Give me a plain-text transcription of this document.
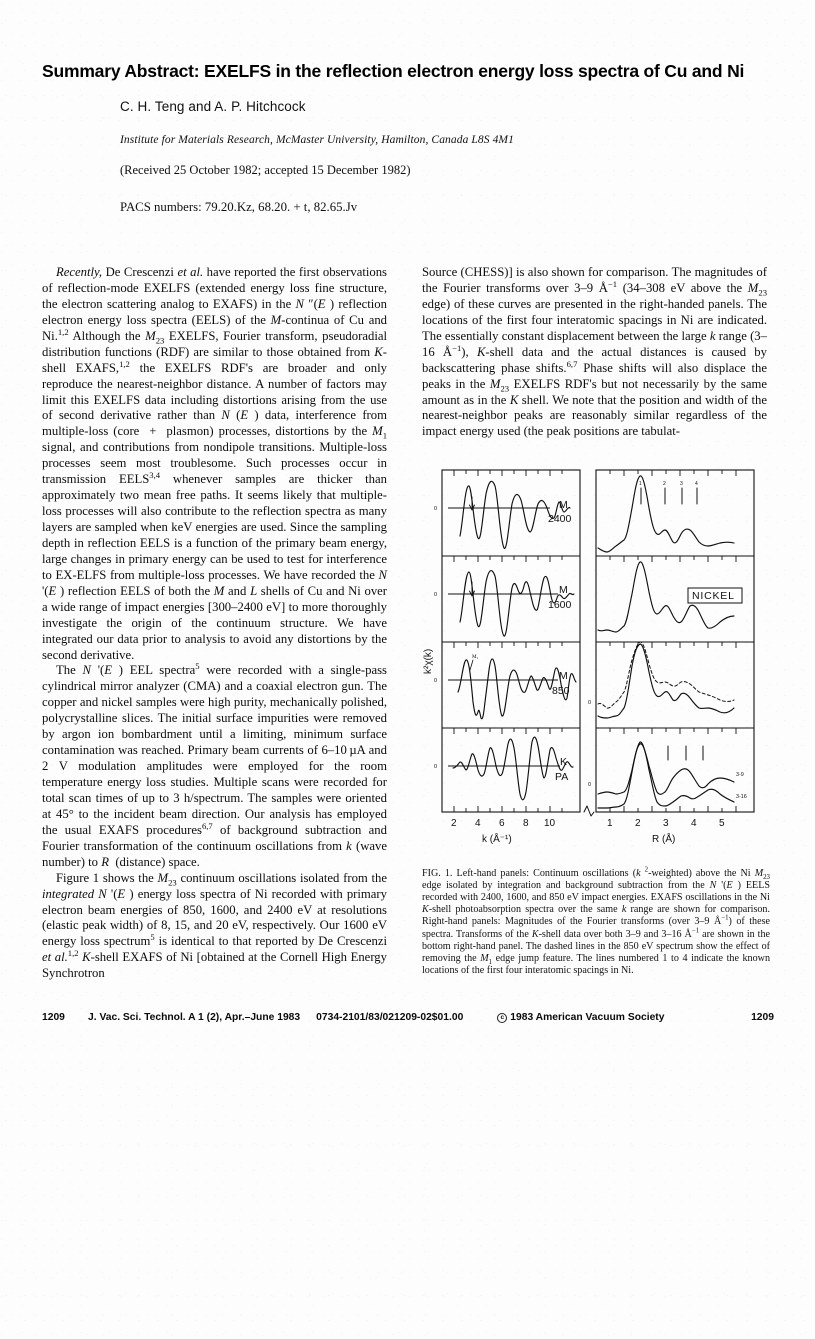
Summary Abstract: EXELFS in the reflection electron energy loss spectra of Cu and Ni
C. H. Teng and A. P. Hitchcock
Institute for Materials Research, McMaster University, Hamilton, Canada L8S 4M1
(Received 25 October 1982; accepted 15 December 1982)
PACS numbers: 79.20.Kz, 68.20. + t, 82.65.Jv

Recently, De Crescenzi et al. have reported the first observations of reflection-mode EXELFS (extended energy loss fine structure, the electron scattering analog to EXAFS) in the N ″(E ) reflection electron energy loss spectra (EELS) of the M-continua of Cu and Ni.$^{1,2}$ Although the $M_{23}$ EXELFS, Fourier transform, pseudoradial distribution functions (RDF) are similar to those obtained from K-shell EXAFS,$^{1,2}$ the EXELFS RDF's are broader and only reproduce the nearest-neighbor distance. A number of factors may limit this EXELFS data including distortions arising from the use of second derivative rather than N (E ) data, interference from multiple-loss (core  +  plasmon) processes, distortions by the $M_1$ signal, and contributions from nondipole transitions. Multiple-loss processes seem most troublesome. Such processes occur in transmission EELS$^{3,4}$ whenever samples are thicker than approximately two mean free paths. It seems likely that multiple-loss processes will also contribute to the reflection spectra as many layers are sampled when keV energies are used. Since the sampling depth in reflection EELS is a function of the primary beam energy, large changes in primary energy can be used to test for interference to EX-ELFS from multiple-loss processes. We have recorded the N '(E ) reflection EELS of both the M and L shells of Cu and Ni over a wide range of impact energies [300–2400 eV] to more thoroughly investigate the origin of the continuum structure. We have integrated our data prior to analysis to avoid any distortions by the second derivative.

The N '(E ) EEL spectra$^5$ were recorded with a single-pass cylindrical mirror analyzer (CMA) and a coaxial electron gun. The copper and nickel samples were high purity, mechanically polished, polycrystalline slices. The initial surface impurities were removed by argon ion bombardment until a limiting, minimum surface contamination was reached. Primary beam currents of 6–10 µA and 2 V modulation amplitudes were employed for the room temperature energy loss studies. Multiple scans were recorded for total scan times of up to 3 h/spectrum. The samples were oriented at 45° to the incident beam direction. Our analysis has employed the usual EXAFS procedures$^{6,7}$ of background subtraction and Fourier transformation of the continuum oscillations from k (wave number) to R  (distance) space.

Figure 1 shows the $M_{23}$ continuum oscillations isolated from the integrated N '(E ) energy loss spectra of Ni recorded with primary electron beam energies of 850, 1600, and 2400 eV at resolutions (elastic peak width) of 8, 15, and 20 eV, respectively. Our 1600 eV energy loss spectrum$^5$ is identical to that reported by De Crescenzi et al.$^{1,2}$ K-shell EXAFS of Ni [obtained at the Cornell High Energy Synchrotron

Source (CHESS)] is also shown for comparison. The magnitudes of the Fourier transforms over 3–9 $Å^{-1}$ (34–308 eV above the $M_{23}$ edge) of these curves are presented in the right-handed panels. The locations of the first four interatomic spacings in Ni are indicated. The essentially constant displacement between the large k range (3–16 $Å^{-1}$), K-shell data and the actual distances is caused by backscattering phase shifts.$^{6,7}$ Phase shifts will also displace the peaks in the $M_{23}$ EXELFS RDF's but not necessarily by the same amount as in the K shell. We note that the position and width of the nearest-neighbor peaks are reasonably similar regardless of the impact energy used (the peak positions are tabulat-

M₁
0
0
0
0
0
0
M
2400
M
1600
M
850
K
PA
1	2	3 4
3-9
3-16
NICKEL
2 4 6 8 10	1 2 3 4 5
k (Å⁻¹)	R (Å)
k²χ(k)
FIG. 1. Left-hand panels: Continuum oscillations (k $^2$-weighted) above the Ni $M_{23}$ edge isolated by integration and background subtraction from the N '(E ) EELS recorded with 2400, 1600, and 850 eV impact energies. EXAFS oscillations in the Ni K-shell photoabsorption spectra over the same k range are shown for comparison. Right-hand panels: Magnitudes of the Fourier transforms (over 3–9 $Å^{-1}$) of these spectra. Transforms of the K-shell data over both 3–9 and 3–16 $Å^{-1}$ are shown in the bottom right-hand panel. The dashed lines in the 850 eV spectrum show the effect of removing the $M_1$ edge jump feature. The lines numbered 1 to 4 indicate the known locations of the first four interatomic spacings in Ni.
1209	J. Vac. Sci. Technol. A 1 (2), Apr.–June 1983 0734-2101/83/021209-02$01.00	c 1983 American Vacuum Society	1209
